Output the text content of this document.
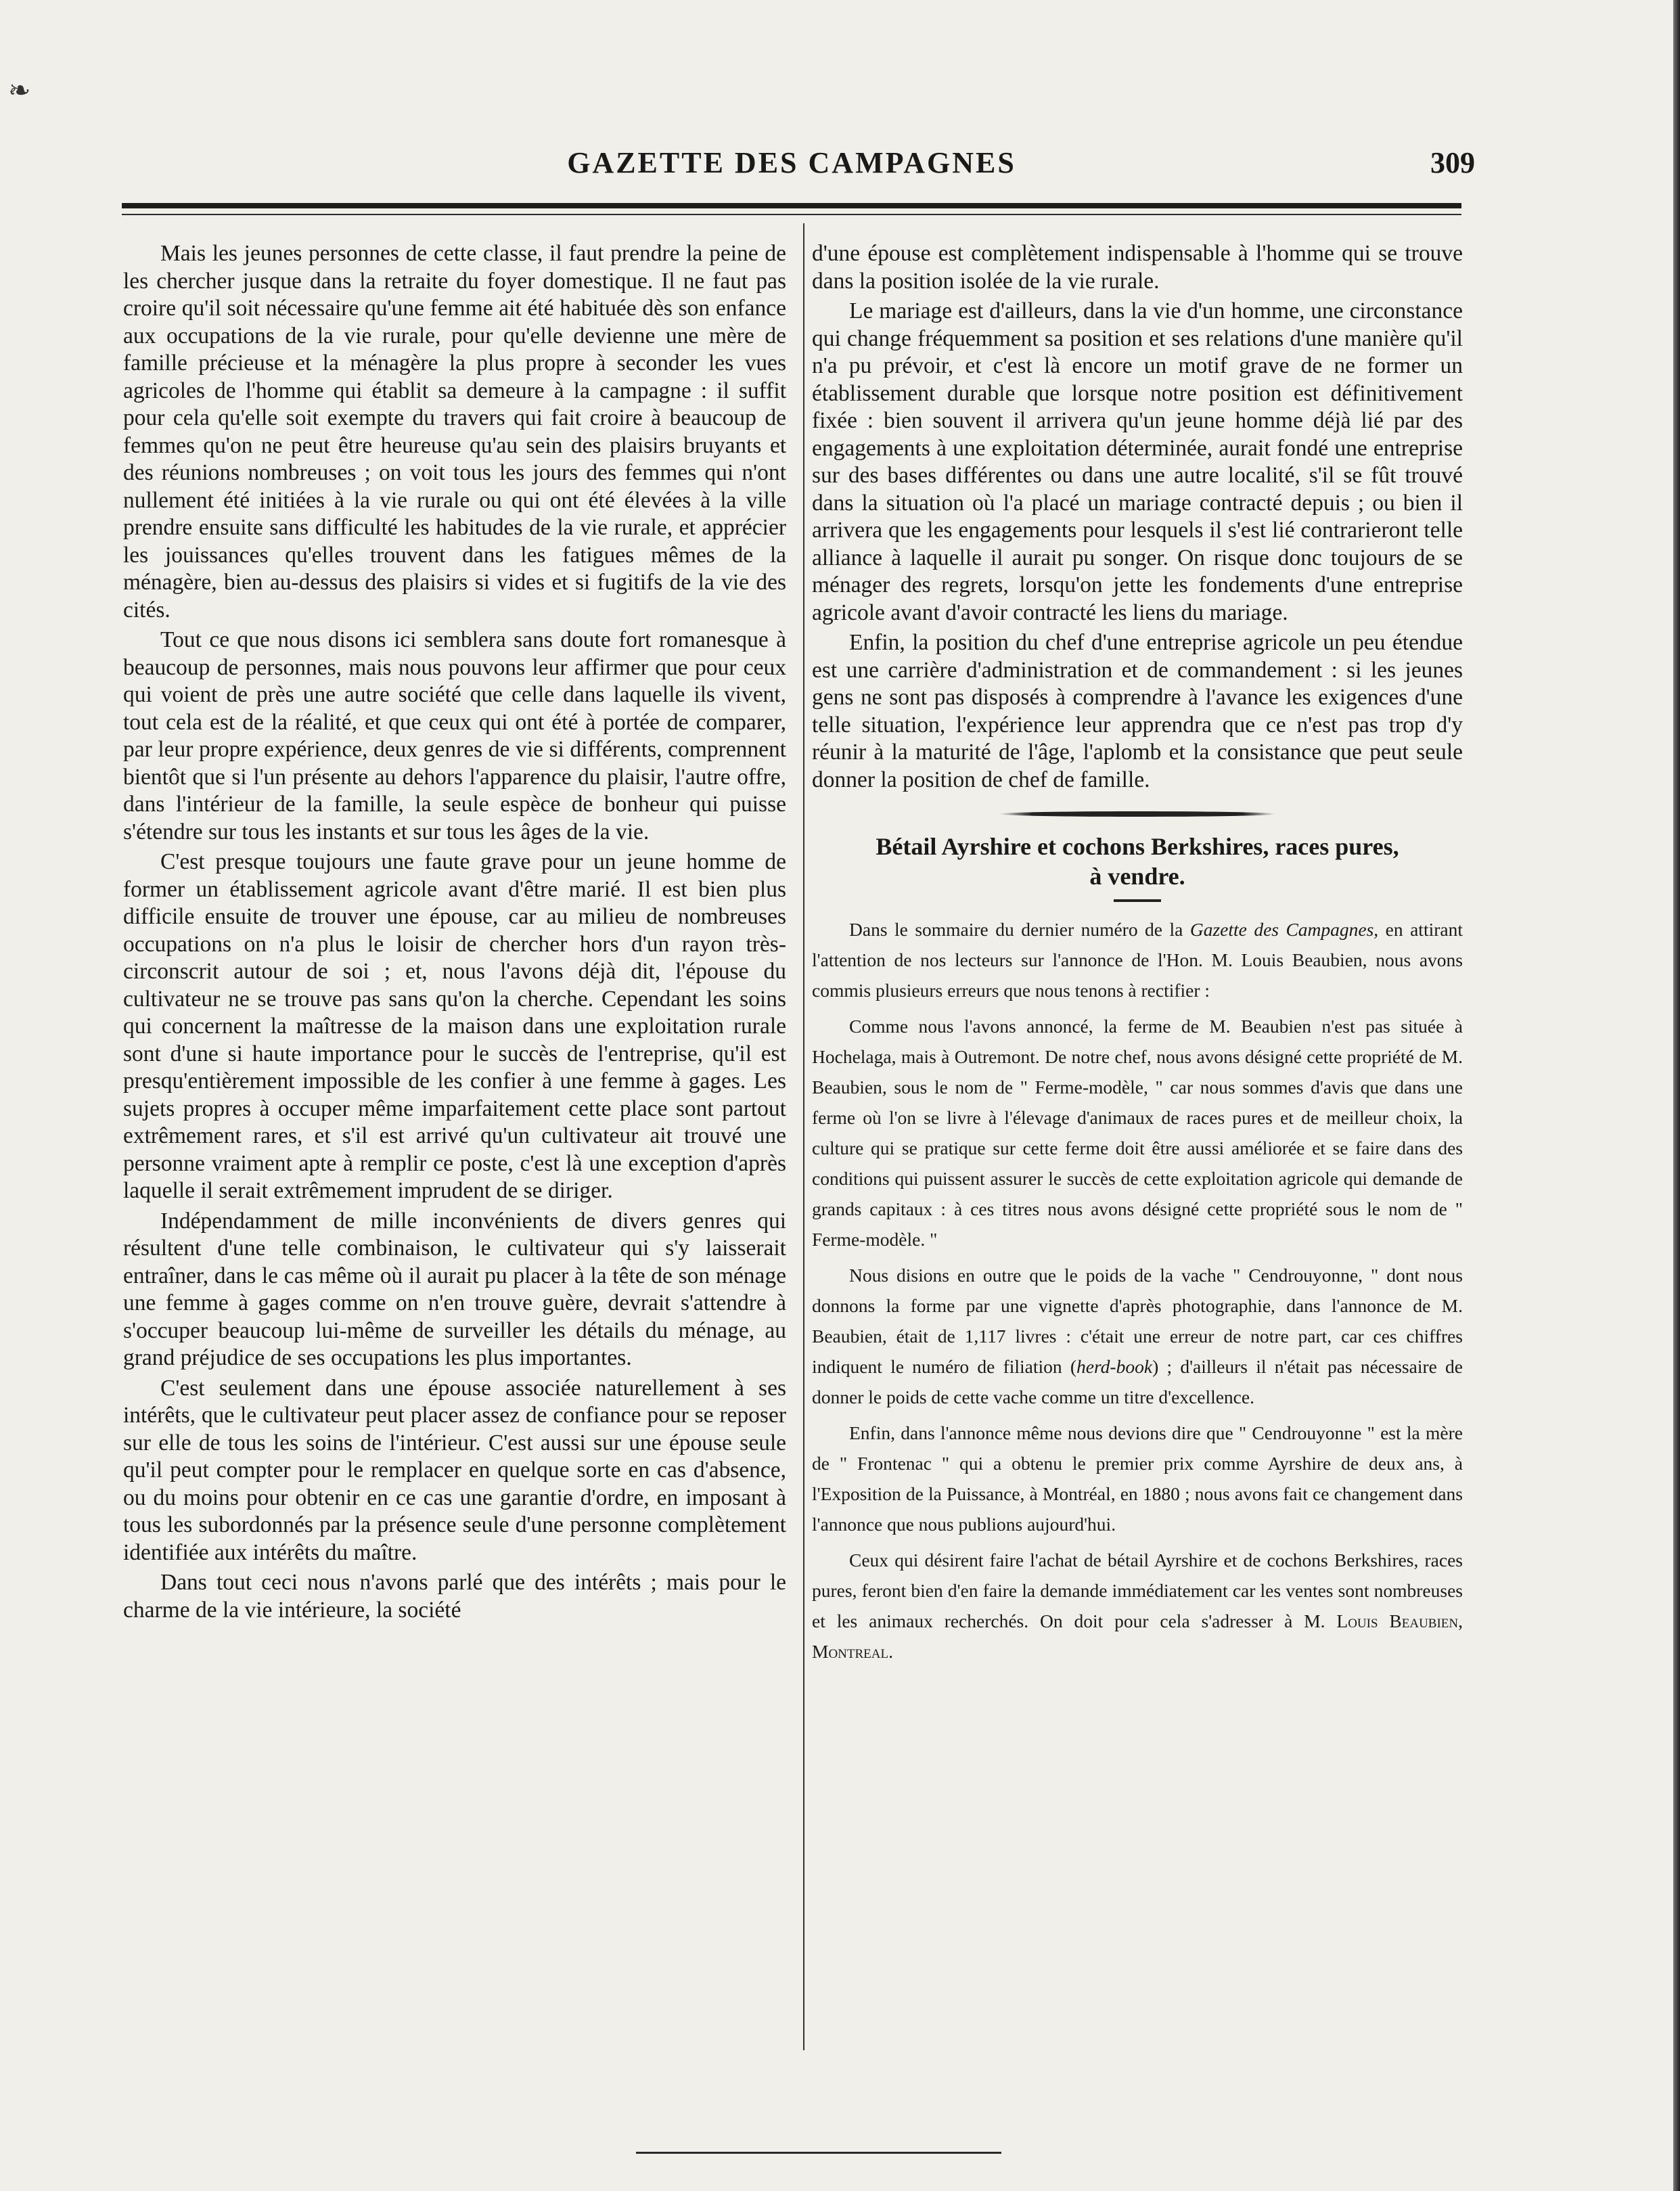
❧
GAZETTE DES CAMPAGNES	309

Mais les jeunes personnes de cette classe, il faut prendre la peine de les chercher jusque dans la retraite du foyer domestique. Il ne faut pas croire qu'il soit nécessaire qu'une femme ait été habituée dès son enfance aux occupations de la vie rurale, pour qu'elle devienne une mère de famille précieuse et la ménagère la plus propre à seconder les vues agricoles de l'homme qui établit sa demeure à la campagne : il suffit pour cela qu'elle soit exempte du travers qui fait croire à beaucoup de femmes qu'on ne peut être heureuse qu'au sein des plaisirs bruyants et des réunions nombreuses ; on voit tous les jours des femmes qui n'ont nullement été initiées à la vie rurale ou qui ont été élevées à la ville prendre ensuite sans difficulté les habitudes de la vie rurale, et apprécier les jouissances qu'elles trouvent dans les fatigues mêmes de la ménagère, bien au-dessus des plaisirs si vides et si fugitifs de la vie des cités.

Tout ce que nous disons ici semblera sans doute fort romanesque à beaucoup de personnes, mais nous pouvons leur affirmer que pour ceux qui voient de près une autre société que celle dans laquelle ils vivent, tout cela est de la réalité, et que ceux qui ont été à portée de comparer, par leur propre expérience, deux genres de vie si différents, comprennent bientôt que si l'un présente au dehors l'apparence du plaisir, l'autre offre, dans l'intérieur de la famille, la seule espèce de bonheur qui puisse s'étendre sur tous les instants et sur tous les âges de la vie.

C'est presque toujours une faute grave pour un jeune homme de former un établissement agricole avant d'être marié. Il est bien plus difficile ensuite de trouver une épouse, car au milieu de nombreuses occupations on n'a plus le loisir de chercher hors d'un rayon très-circonscrit autour de soi ; et, nous l'avons déjà dit, l'épouse du cultivateur ne se trouve pas sans qu'on la cherche. Cependant les soins qui concernent la maîtresse de la maison dans une exploitation rurale sont d'une si haute importance pour le succès de l'entreprise, qu'il est presqu'entièrement impossible de les confier à une femme à gages. Les sujets propres à occuper même imparfaitement cette place sont partout extrêmement rares, et s'il est arrivé qu'un cultivateur ait trouvé une personne vraiment apte à remplir ce poste, c'est là une exception d'après laquelle il serait extrêmement imprudent de se diriger.

Indépendamment de mille inconvénients de divers genres qui résultent d'une telle combinaison, le cultivateur qui s'y laisserait entraîner, dans le cas même où il aurait pu placer à la tête de son ménage une femme à gages comme on n'en trouve guère, devrait s'attendre à s'occuper beaucoup lui-même de surveiller les détails du ménage, au grand préjudice de ses occupations les plus importantes.

C'est seulement dans une épouse associée naturellement à ses intérêts, que le cultivateur peut placer assez de confiance pour se reposer sur elle de tous les soins de l'intérieur. C'est aussi sur une épouse seule qu'il peut compter pour le remplacer en quelque sorte en cas d'absence, ou du moins pour obtenir en ce cas une garantie d'ordre, en imposant à tous les subordonnés par la présence seule d'une personne complètement identifiée aux intérêts du maître.

Dans tout ceci nous n'avons parlé que des intérêts ; mais pour le charme de la vie intérieure, la société

d'une épouse est complètement indispensable à l'homme qui se trouve dans la position isolée de la vie rurale.

Le mariage est d'ailleurs, dans la vie d'un homme, une circonstance qui change fréquemment sa position et ses relations d'une manière qu'il n'a pu prévoir, et c'est là encore un motif grave de ne former un établissement durable que lorsque notre position est définitivement fixée : bien souvent il arrivera qu'un jeune homme déjà lié par des engagements à une exploitation déterminée, aurait fondé une entreprise sur des bases différentes ou dans une autre localité, s'il se fût trouvé dans la situation où l'a placé un mariage contracté depuis ; ou bien il arrivera que les engagements pour lesquels il s'est lié contrarieront telle alliance à laquelle il aurait pu songer. On risque donc toujours de se ménager des regrets, lorsqu'on jette les fondements d'une entreprise agricole avant d'avoir contracté les liens du mariage.

Enfin, la position du chef d'une entreprise agricole un peu étendue est une carrière d'administration et de commandement : si les jeunes gens ne sont pas disposés à comprendre à l'avance les exigences d'une telle situation, l'expérience leur apprendra que ce n'est pas trop d'y réunir à la maturité de l'âge, l'aplomb et la consistance que peut seule donner la position de chef de famille.

Bétail Ayrshire et cochons Berkshires, races pures,
à vendre.

Dans le sommaire du dernier numéro de la Gazette des Campagnes, en attirant l'attention de nos lecteurs sur l'annonce de l'Hon. M. Louis Beaubien, nous avons commis plusieurs erreurs que nous tenons à rectifier :

Comme nous l'avons annoncé, la ferme de M. Beaubien n'est pas située à Hochelaga, mais à Outremont. De notre chef, nous avons désigné cette propriété de M. Beaubien, sous le nom de " Ferme-modèle, " car nous sommes d'avis que dans une ferme où l'on se livre à l'élevage d'animaux de races pures et de meilleur choix, la culture qui se pratique sur cette ferme doit être aussi améliorée et se faire dans des conditions qui puissent assurer le succès de cette exploitation agricole qui demande de grands capitaux : à ces titres nous avons désigné cette propriété sous le nom de " Ferme-modèle. "

Nous disions en outre que le poids de la vache " Cendrouyonne, " dont nous donnons la forme par une vignette d'après photographie, dans l'annonce de M. Beaubien, était de 1,117 livres : c'était une erreur de notre part, car ces chiffres indiquent le numéro de filiation (herd-book) ; d'ailleurs il n'était pas nécessaire de donner le poids de cette vache comme un titre d'excellence.

Enfin, dans l'annonce même nous devions dire que " Cendrouyonne " est la mère de " Frontenac " qui a obtenu le premier prix comme Ayrshire de deux ans, à l'Exposition de la Puissance, à Montréal, en 1880 ; nous avons fait ce changement dans l'annonce que nous publions aujourd'hui.

Ceux qui désirent faire l'achat de bétail Ayrshire et de cochons Berkshires, races pures, feront bien d'en faire la demande immédiatement car les ventes sont nombreuses et les animaux recherchés. On doit pour cela s'adresser à M. Louis Beaubien, Montreal.
